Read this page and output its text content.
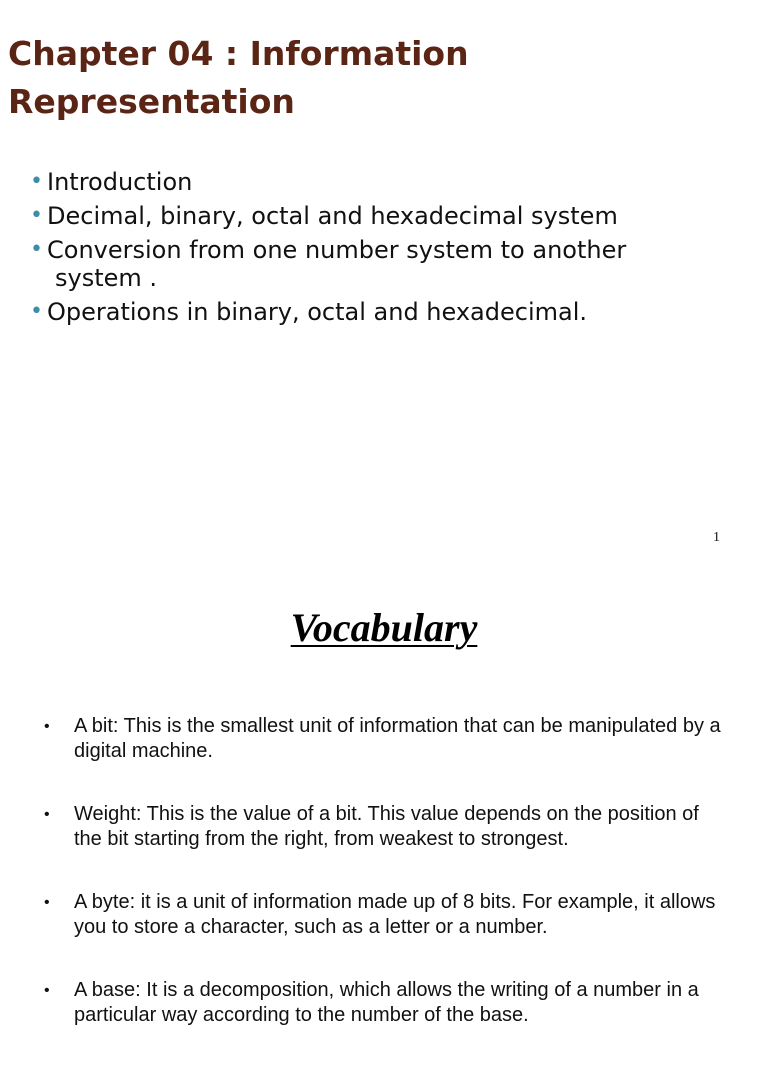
Chapter 04 : Information Representation
• Introduction
• Decimal, binary, octal and hexadecimal system
• Conversion from one number system to another system .
• Operations in binary, octal and hexadecimal.
1
Vocabulary
• A bit: This is the smallest unit of information that can be manipulated by a digital machine.
• Weight: This is the value of a bit. This value depends on the position of the bit starting from the right, from weakest to strongest.
• A byte: it is a unit of information made up of 8 bits. For example, it allows you to store a character, such as a letter or a number.
• A base: It is a decomposition, which allows the writing of a number in a particular way according to the number of the base.
